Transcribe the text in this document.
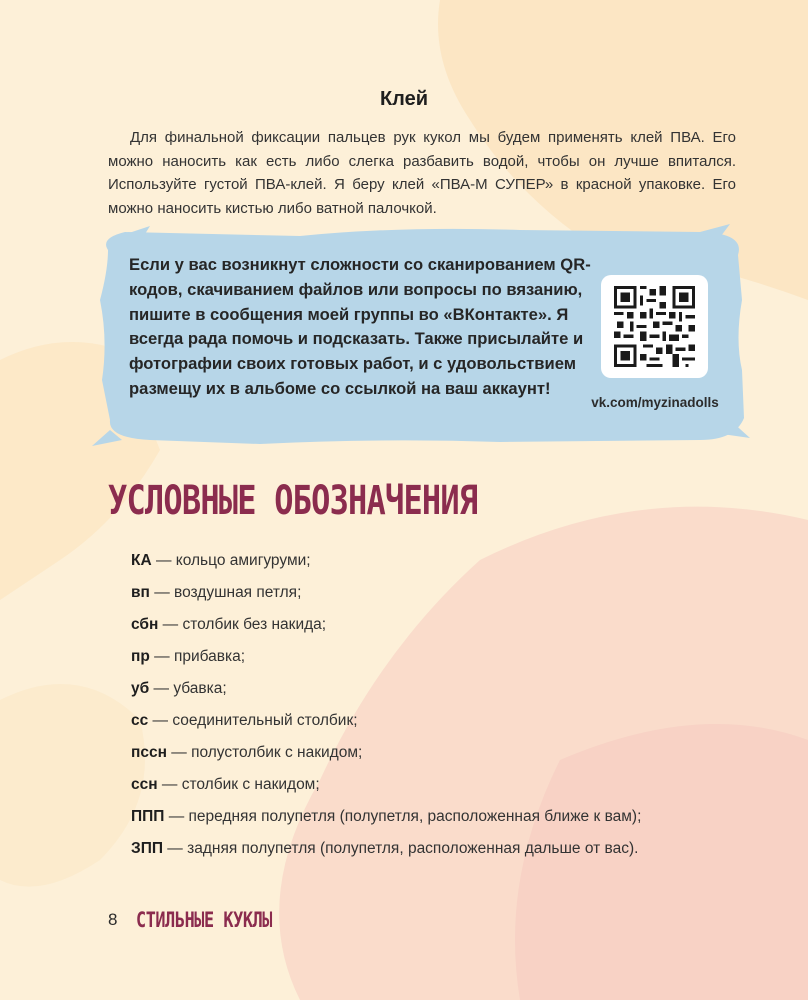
Клей
Для финальной фиксации пальцев рук кукол мы будем применять клей ПВА. Его можно наносить как есть либо слегка разбавить водой, чтобы он лучше впитался. Используйте густой ПВА-клей. Я беру клей «ПВА-М СУПЕР» в красной упаковке. Его можно наносить кистью либо ватной палочкой.
Если у вас возникнут сложности со сканированием QR-кодов, скачиванием файлов или вопросы по вязанию, пишите в сообщения моей группы во «ВКонтакте». Я всегда рада помочь и подсказать. Также присылайте и фотографии своих готовых работ, и с удовольствием размещу их в альбоме со ссылкой на ваш аккаунт!
vk.com/myzinadolls
УСЛОВНЫЕ ОБОЗНАЧЕНИЯ
КА — кольцо амигуруми;
вп — воздушная петля;
сбн — столбик без накида;
пр — прибавка;
уб — убавка;
сс — соединительный столбик;
пссн — полустолбик с накидом;
ссн — столбик с накидом;
ППП — передняя полупетля (полупетля, расположенная ближе к вам);
ЗПП — задняя полупетля (полупетля, расположенная дальше от вас).
8 СТИЛЬНЫЕ КУКЛЫ
